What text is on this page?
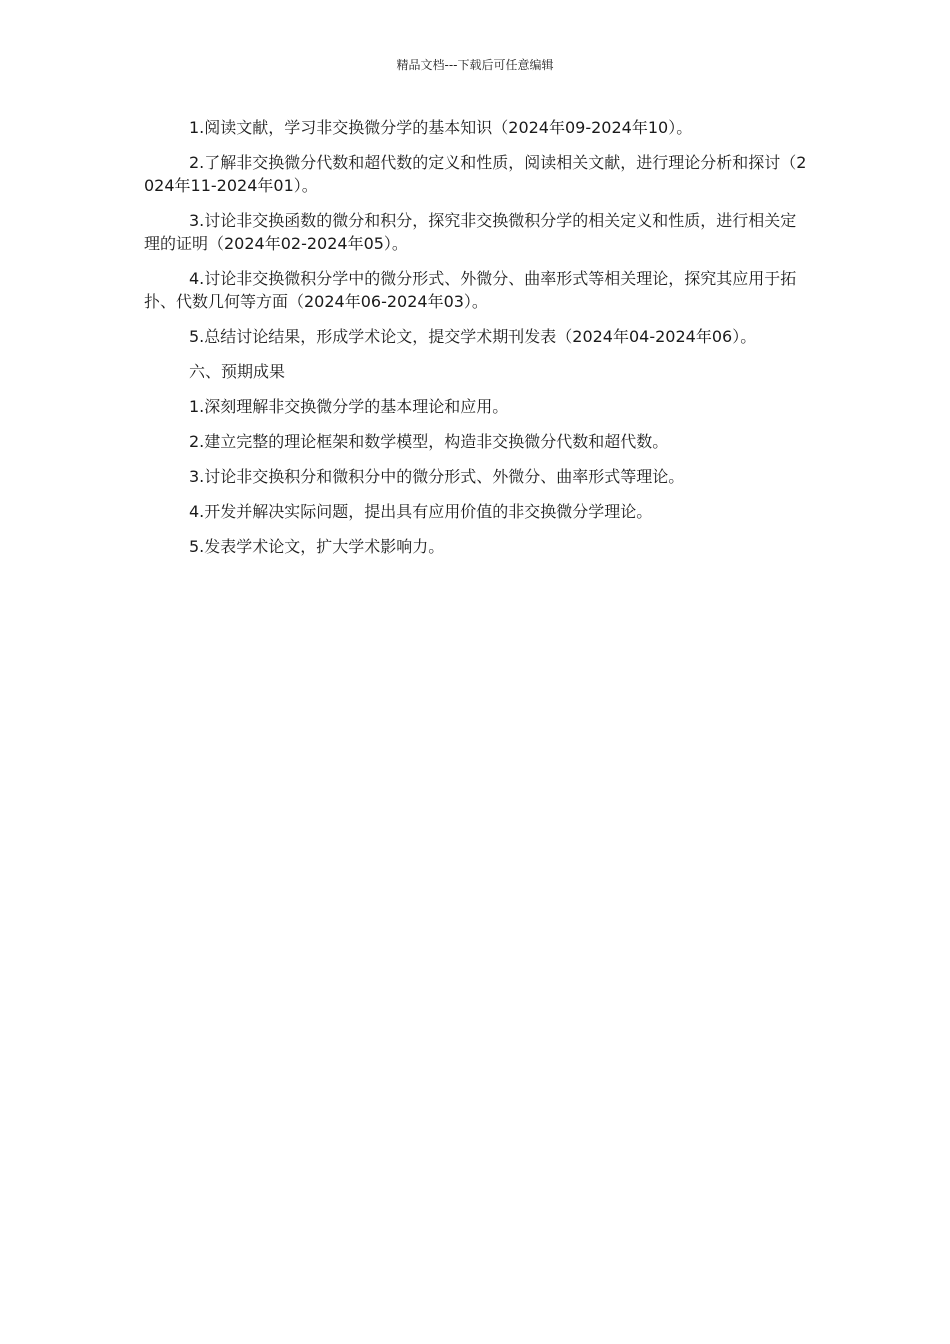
精品文档---下载后可任意编辑

1.阅读文献，学习非交换微分学的基本知识（2024年09-2024年10）。

2.了解非交换微分代数和超代数的定义和性质，阅读相关文献，进行理论分析和探讨（2024年11-2024年01）。

3.讨论非交换函数的微分和积分，探究非交换微积分学的相关定义和性质，进行相关定理的证明（2024年02-2024年05）。

4.讨论非交换微积分学中的微分形式、外微分、曲率形式等相关理论，探究其应用于拓扑、代数几何等方面（2024年06-2024年03）。

5.总结讨论结果，形成学术论文，提交学术期刊发表（2024年04-2024年06）。

六、预期成果

1.深刻理解非交换微分学的基本理论和应用。

2.建立完整的理论框架和数学模型，构造非交换微分代数和超代数。

3.讨论非交换积分和微积分中的微分形式、外微分、曲率形式等理论。

4.开发并解决实际问题，提出具有应用价值的非交换微分学理论。

5.发表学术论文，扩大学术影响力。
